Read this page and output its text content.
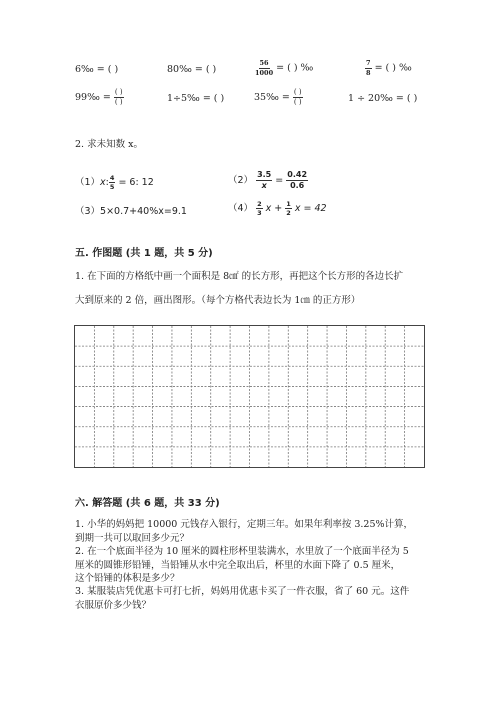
6‰ = ( )	80‰ = ( )	$\frac{56}{1000}$ = ( ) ‰	$\frac{7}{8}$ = ( ) ‰
99‰ = $\frac{( )}{( )}$	1÷5‰ = ( )	35‰ = $\frac{( )}{( )}$	1 ÷ 20‰ = ( )
2. 求未知数 x。
（1）x: $\frac{4}{5} = 6$: 12	$(2) \frac{3.5}{x} = \frac{0.42}{0.6}$
（3）5×0.7+40%x=9.1	$(4) \frac{2}{3}$ $x + \frac{1}{2}$ x = 42
五. 作图题 (共 1 题，共 5 分)
1. 在下面的方格纸中画一个面积是 8㎠ 的长方形，再把这个长方形的各边长扩
大到原来的 2 倍，画出图形。（每个方格代表边长为 1㎝ 的正方形）
六. 解答题 (共 6 题，共 33 分)
1. 小华的妈妈把 10000 元钱存入银行，定期三年。如果年利率按 3.25%计算，
到期一共可以取回多少元？
2. 在一个底面半径为 10 厘米的圆柱形杯里装满水，水里放了一个底面半径为 5
厘米的圆锥形铅锤，当铅锤从水中完全取出后，杯里的水面下降了 0.5 厘米，
这个铅锤的体积是多少？
3. 某服装店凭优惠卡可打七折，妈妈用优惠卡买了一件衣服，省了 60 元。这件
衣服原价多少钱？
